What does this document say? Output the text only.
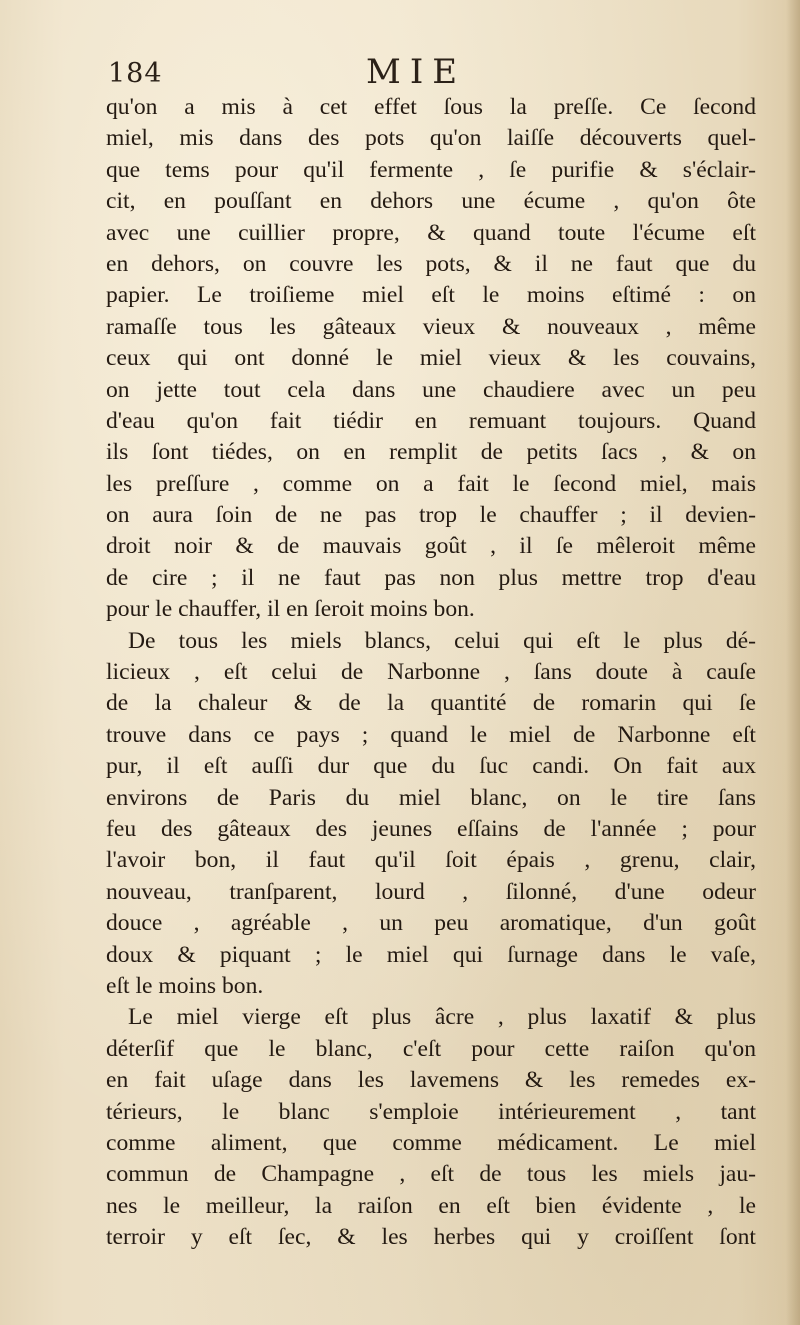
184	MIE
qu'on a mis à cet effet ſous la preſſe. Ce ſecond
miel, mis dans des pots qu'on laiſſe découverts quel-
que tems pour qu'il fermente , ſe purifie & s'éclair-
cit, en pouſſant en dehors une écume , qu'on ôte
avec une cuillier propre, & quand toute l'écume eſt
en dehors, on couvre les pots, & il ne faut que du
papier. Le troiſieme miel eſt le moins eſtimé : on
ramaſſe tous les gâteaux vieux & nouveaux , même
ceux qui ont donné le miel vieux & les couvains,
on jette tout cela dans une chaudiere avec un peu
d'eau qu'on fait tiédir en remuant toujours. Quand
ils ſont tiédes, on en remplit de petits ſacs , & on
les preſſure , comme on a fait le ſecond miel, mais
on aura ſoin de ne pas trop le chauffer ; il devien-
droit noir & de mauvais goût , il ſe mêleroit même
de cire ; il ne faut pas non plus mettre trop d'eau
pour le chauffer, il en ſeroit moins bon.
De tous les miels blancs, celui qui eſt le plus dé-
licieux , eſt celui de Narbonne , ſans doute à cauſe
de la chaleur & de la quantité de romarin qui ſe
trouve dans ce pays ; quand le miel de Narbonne eſt
pur, il eſt auſſi dur que du ſuc candi. On fait aux
environs de Paris du miel blanc, on le tire ſans
feu des gâteaux des jeunes eſſains de l'année ; pour
l'avoir bon, il faut qu'il ſoit épais , grenu, clair,
nouveau, tranſparent, lourd , ſilonné, d'une odeur
douce , agréable , un peu aromatique, d'un goût
doux & piquant ; le miel qui ſurnage dans le vaſe,
eſt le moins bon.
Le miel vierge eſt plus âcre , plus laxatif & plus
déterſif que le blanc, c'eſt pour cette raiſon qu'on
en fait uſage dans les lavemens & les remedes ex-
térieurs, le blanc s'emploie intérieurement , tant
comme aliment, que comme médicament. Le miel
commun de Champagne , eſt de tous les miels jau-
nes le meilleur, la raiſon en eſt bien évidente , le
terroir y eſt ſec, & les herbes qui y croiſſent ſont
